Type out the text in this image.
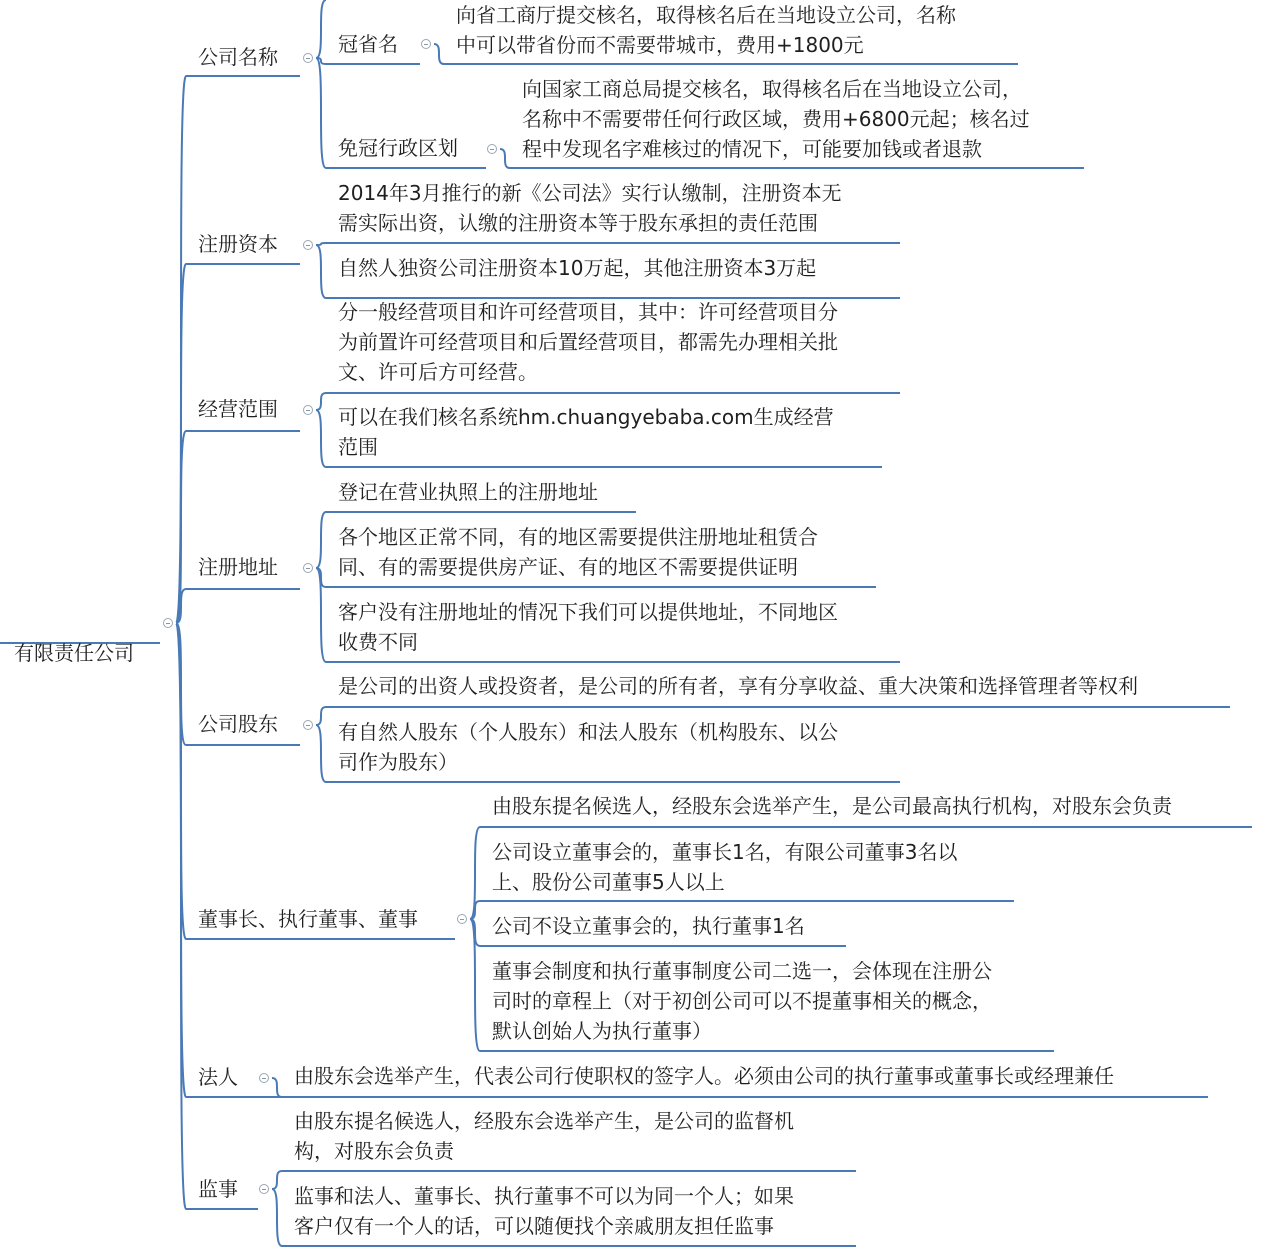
有限责任公司

公司名称
注册资本
经营范围
注册地址
公司股东
董事长、执行董事、董事
法人
监事
冠省名
向省工商厅提交核名，取得核名后在当地设立公司，名称
中可以带省份而不需要带城市，费用+1800元
免冠行政区划
向国家工商总局提交核名，取得核名后在当地设立公司，
名称中不需要带任何行政区域，费用+6800元起；核名过
程中发现名字难核过的情况下，可能要加钱或者退款
2014年3月推行的新《公司法》实行认缴制，注册资本无
需实际出资，认缴的注册资本等于股东承担的责任范围
自然人独资公司注册资本10万起，其他注册资本3万起
分一般经营项目和许可经营项目，其中：许可经营项目分
为前置许可经营项目和后置经营项目，都需先办理相关批
文、许可后方可经营。
可以在我们核名系统hm.chuangyebaba.com生成经营
范围
登记在营业执照上的注册地址
各个地区正常不同，有的地区需要提供注册地址租赁合
同、有的需要提供房产证、有的地区不需要提供证明
客户没有注册地址的情况下我们可以提供地址，不同地区
收费不同
是公司的出资人或投资者，是公司的所有者，享有分享收益、重大决策和选择管理者等权利
有自然人股东（个人股东）和法人股东（机构股东、以公
司作为股东）
由股东提名候选人，经股东会选举产生，是公司最高执行机构，对股东会负责
公司设立董事会的，董事长1名，有限公司董事3名以
上、股份公司董事5人以上
公司不设立董事会的，执行董事1名
董事会制度和执行董事制度公司二选一，会体现在注册公
司时的章程上（对于初创公司可以不提董事相关的概念，
默认创始人为执行董事）
由股东会选举产生，代表公司行使职权的签字人。必须由公司的执行董事或董事长或经理兼任
由股东提名候选人，经股东会选举产生，是公司的监督机
构，对股东会负责
监事和法人、董事长、执行董事不可以为同一个人；如果
客户仅有一个人的话，可以随便找个亲戚朋友担任监事
